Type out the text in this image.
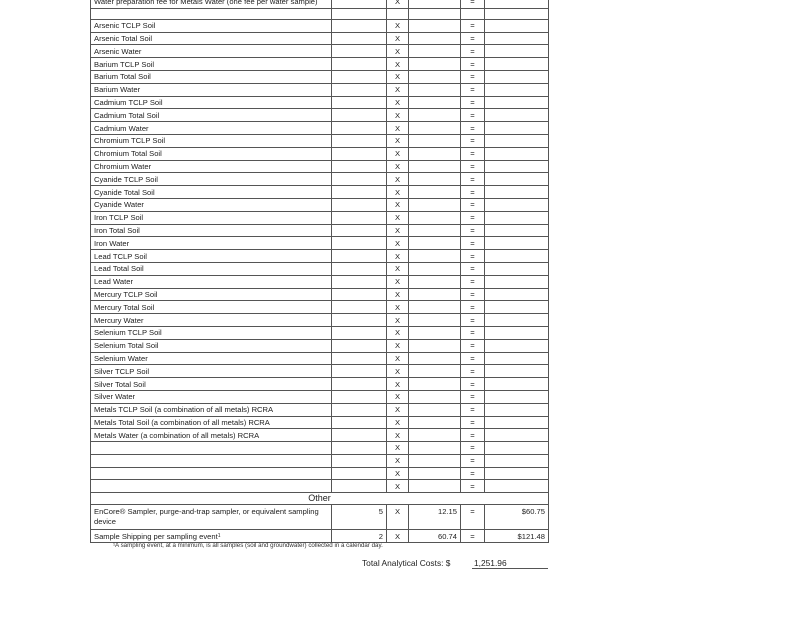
Water preparation fee for Metals Water (one fee per water sample)		X		=	

Arsenic TCLP Soil		X		=	
Arsenic Total Soil		X		=	
Arsenic Water		X		=	
Barium TCLP Soil		X		=	
Barium Total Soil		X		=	
Barium Water		X		=	
Cadmium TCLP Soil		X		=	
Cadmium Total Soil		X		=	
Cadmium Water		X		=	
Chromium TCLP Soil		X		=	
Chromium Total Soil		X		=	
Chromium Water		X		=	
Cyanide TCLP Soil		X		=	
Cyanide Total Soil		X		=	
Cyanide Water		X		=	
Iron TCLP Soil		X		=	
Iron Total Soil		X		=	
Iron Water		X		=	
Lead TCLP Soil		X		=	
Lead Total Soil		X		=	
Lead Water		X		=	
Mercury TCLP Soil		X		=	
Mercury Total Soil		X		=	
Mercury Water		X		=	
Selenium TCLP Soil		X		=	
Selenium Total Soil		X		=	
Selenium Water		X		=	
Silver TCLP Soil		X		=	
Silver Total Soil		X		=	
Silver Water		X		=	
Metals TCLP Soil (a combination of all metals) RCRA		X		=	
Metals Total Soil (a combination of all metals) RCRA		X		=	
Metals Water (a combination of all metals) RCRA		X		=	
		X		=	
		X		=	
		X		=	
		X		=	
Other					
EnCore® Sampler, purge-and-trap sampler, or equivalent sampling device	5	X	12.15	=	$60.75
Sample Shipping per sampling event$^1$	2	X	60.74	=	$121.48
¹A sampling event, at a minimum, is all samples (soil and groundwater) collected in a calendar day.
Total Analytical Costs: $	1,251.96
